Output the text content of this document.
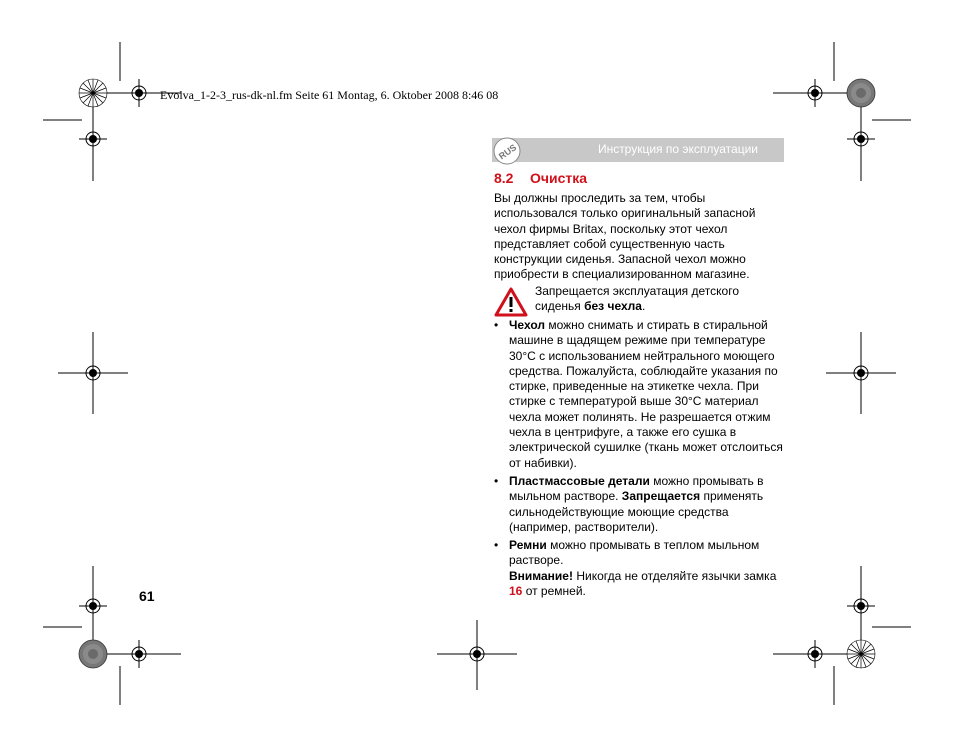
Evolva_1-2-3_rus-dk-nl.fm Seite 61 Montag, 6. Oktober 2008 8:46 08
Инструкция по эксплуатации
RUS
8.2 Очистка
Вы должны проследить за тем, чтобы использовался только оригинальный запасной чехол фирмы Britax, поскольку этот чехол представляет собой существенную часть конструкции сиденья. Запасной чехол можно приобрести в специализированном магазине.
Запрещается эксплуатация детского сиденья без чехла.
• Чехол можно снимать и стирать в стиральной машине в щадящем режиме при температуре 30°C с использованием нейтрального моющего средства. Пожалуйста, соблюдайте указания по стирке, приведенные на этикетке чехла. При стирке с температурой выше 30°C материал чехла может полинять. Не разрешается отжим чехла в центрифуге, а также его сушка в электрической сушилке (ткань может отслоиться от набивки).
• Пластмассовые детали можно промывать в мыльном растворе. Запрещается применять сильнодействующие моющие средства (например, растворители).
• Ремни можно промывать в теплом мыльном растворе.
Внимание! Никогда не отделяйте язычки замка 16 от ремней.
61
